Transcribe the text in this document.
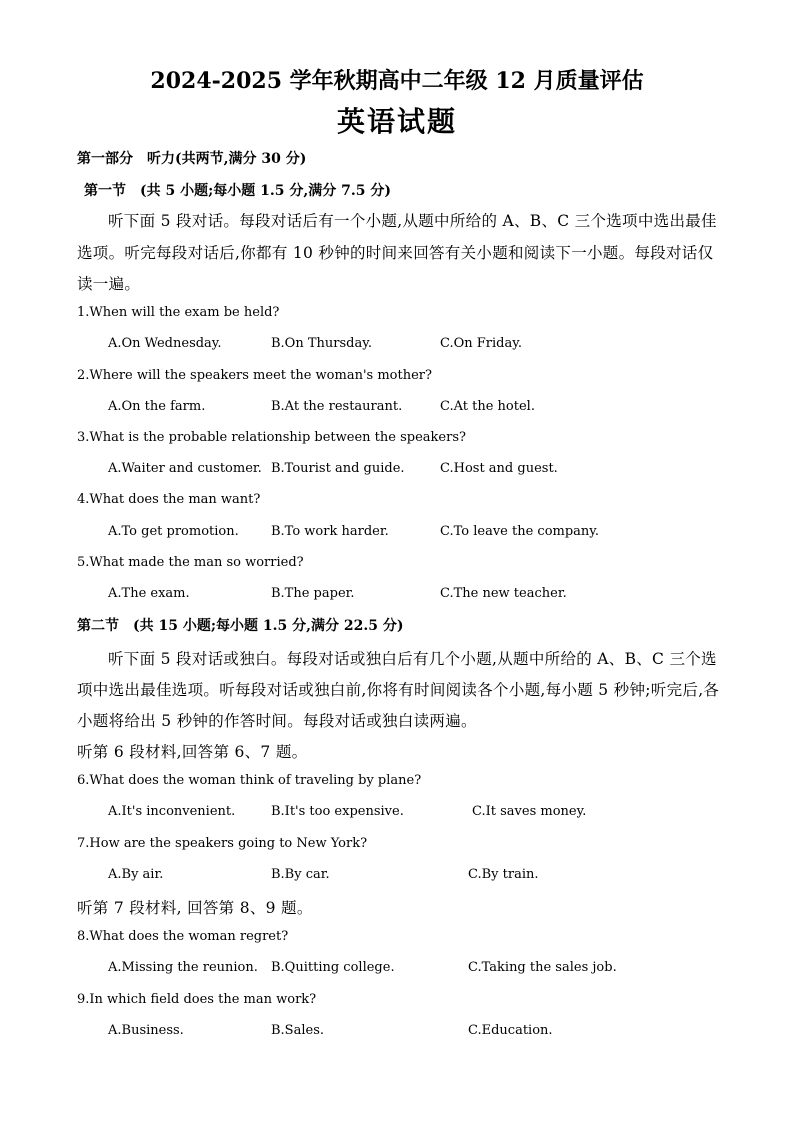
2024-2025 学年秋期高中二年级 12 月质量评估
英语试题
第一部分　听力(共两节,满分 30 分)
第一节　(共 5 小题;每小题 1.5 分,满分 7.5 分)
听下面 5 段对话。每段对话后有一个小题,从题中所给的 A、B、C 三个选项中选出最佳
选项。听完每段对话后,你都有 10 秒钟的时间来回答有关小题和阅读下一小题。每段对话仅
读一遍。
1.When will the exam be held?
A.On Wednesday.	B.On Thursday.	C.On Friday.
2.Where will the speakers meet the woman's mother?
A.On the farm.	B.At the restaurant.	C.At the hotel.
3.What is the probable relationship between the speakers?
A.Waiter and customer. B.Tourist and guide.	C.Host and guest.
4.What does the man want?
A.To get promotion. B.To work harder.	C.To leave the company.
5.What made the man so worried?
A.The exam.	B.The paper.	C.The new teacher.
第二节　(共 15 小题;每小题 1.5 分,满分 22.5 分)
听下面 5 段对话或独白。每段对话或独白后有几个小题,从题中所给的 A、B、C 三个选
项中选出最佳选项。听每段对话或独白前,你将有时间阅读各个小题,每小题 5 秒钟;听完后,各
小题将给出 5 秒钟的作答时间。每段对话或独白读两遍。
听第 6 段材料,回答第 6、7 题。
6.What does the woman think of traveling by plane?
A.It's inconvenient.	B.It's too expensive.	C.It saves money.
7.How are the speakers going to New York?
A.By air.	B.By car.	C.By train.
听第 7 段材料, 回答第 8、9 题。
8.What does the woman regret?
A.Missing the reunion. B.Quitting college.	C.Taking the sales job.
9.In which field does the man work?
A.Business.	B.Sales.	C.Education.
